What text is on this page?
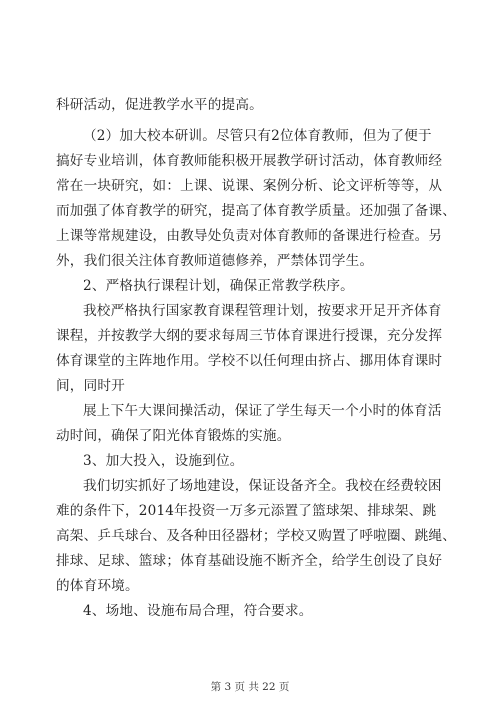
科研活动，促进教学水平的提高。
（2）加大校本研训。尽管只有2位体育教师，但为了便于
搞好专业培训，体育教师能积极开展教学研讨活动，体育教师经
常在一块研究，如：上课、说课、案例分析、论文评析等等，从
而加强了体育教学的研究，提高了体育教学质量。还加强了备课、
上课等常规建设，由教导处负责对体育教师的备课进行检查。另
外，我们很关注体育教师道德修养，严禁体罚学生。
2、严格执行课程计划，确保正常教学秩序。
我校严格执行国家教育课程管理计划，按要求开足开齐体育
课程，并按教学大纲的要求每周三节体育课进行授课，充分发挥
体育课堂的主阵地作用。学校不以任何理由挤占、挪用体育课时
间，同时开
展上下午大课间操活动，保证了学生每天一个小时的体育活
动时间，确保了阳光体育锻炼的实施。
3、加大投入，设施到位。
我们切实抓好了场地建设，保证设备齐全。我校在经费较困
难的条件下，2014年投资一万多元添置了篮球架、排球架、跳
高架、乒乓球台、及各种田径器材；学校又购置了呼啦圈、跳绳、
排球、足球、篮球；体育基础设施不断齐全，给学生创设了良好
的体育环境。
4、场地、设施布局合理，符合要求。
第 3 页 共 22 页
